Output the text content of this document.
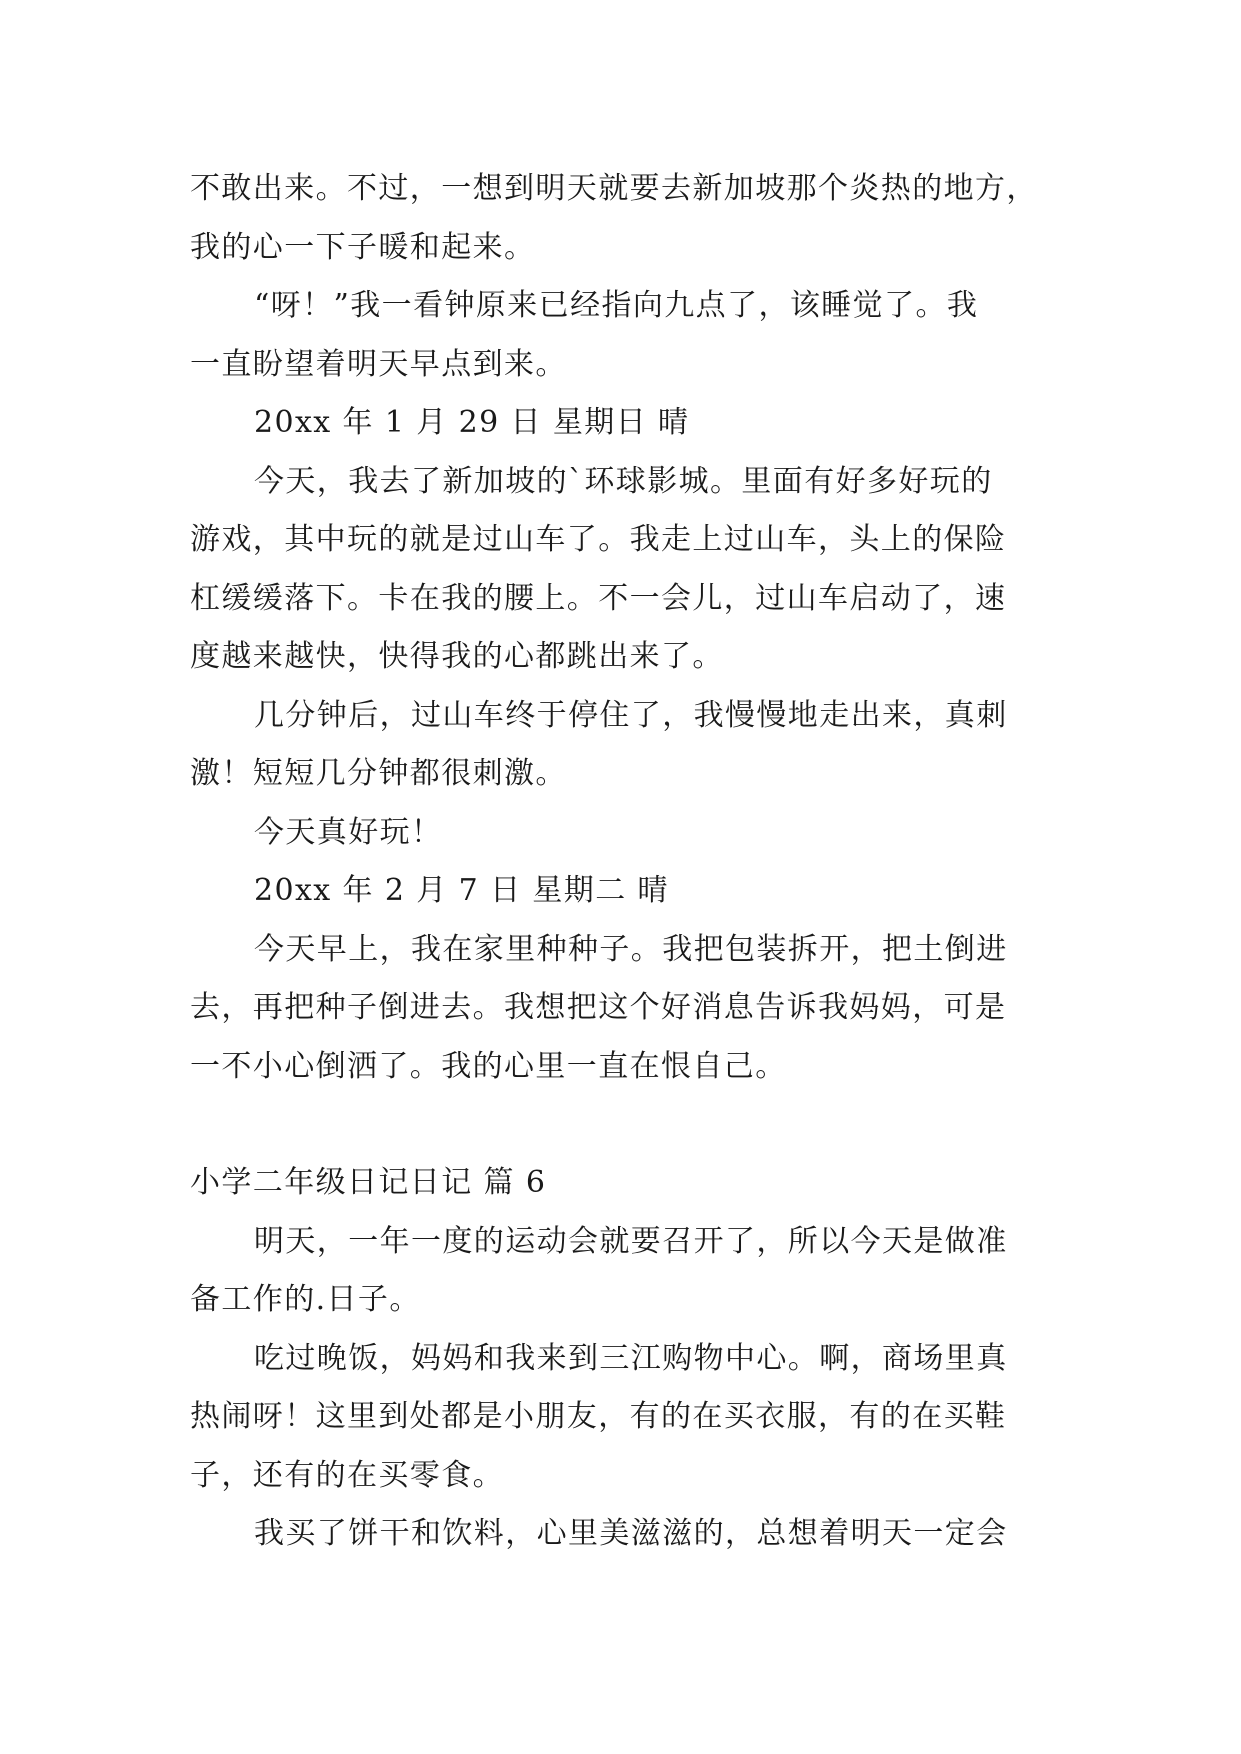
不敢出来。不过，一想到明天就要去新加坡那个炎热的地方，

我的心一下子暖和起来。

“呀！”我一看钟原来已经指向九点了，该睡觉了。我

一直盼望着明天早点到来。

20xx 年 1 月 29 日 星期日 晴

今天，我去了新加坡的`环球影城。里面有好多好玩的

游戏，其中玩的就是过山车了。我走上过山车，头上的保险

杠缓缓落下。卡在我的腰上。不一会儿，过山车启动了，速

度越来越快，快得我的心都跳出来了。

几分钟后，过山车终于停住了，我慢慢地走出来，真刺

激！短短几分钟都很刺激。

今天真好玩！

20xx 年 2 月 7 日 星期二 晴

今天早上，我在家里种种子。我把包装拆开，把土倒进

去，再把种子倒进去。我想把这个好消息告诉我妈妈，可是

一不小心倒洒了。我的心里一直在恨自己。

小学二年级日记日记 篇 6

明天，一年一度的运动会就要召开了，所以今天是做准

备工作的.日子。

吃过晚饭，妈妈和我来到三江购物中心。啊，商场里真

热闹呀！这里到处都是小朋友，有的在买衣服，有的在买鞋

子，还有的在买零食。

我买了饼干和饮料，心里美滋滋的，总想着明天一定会
